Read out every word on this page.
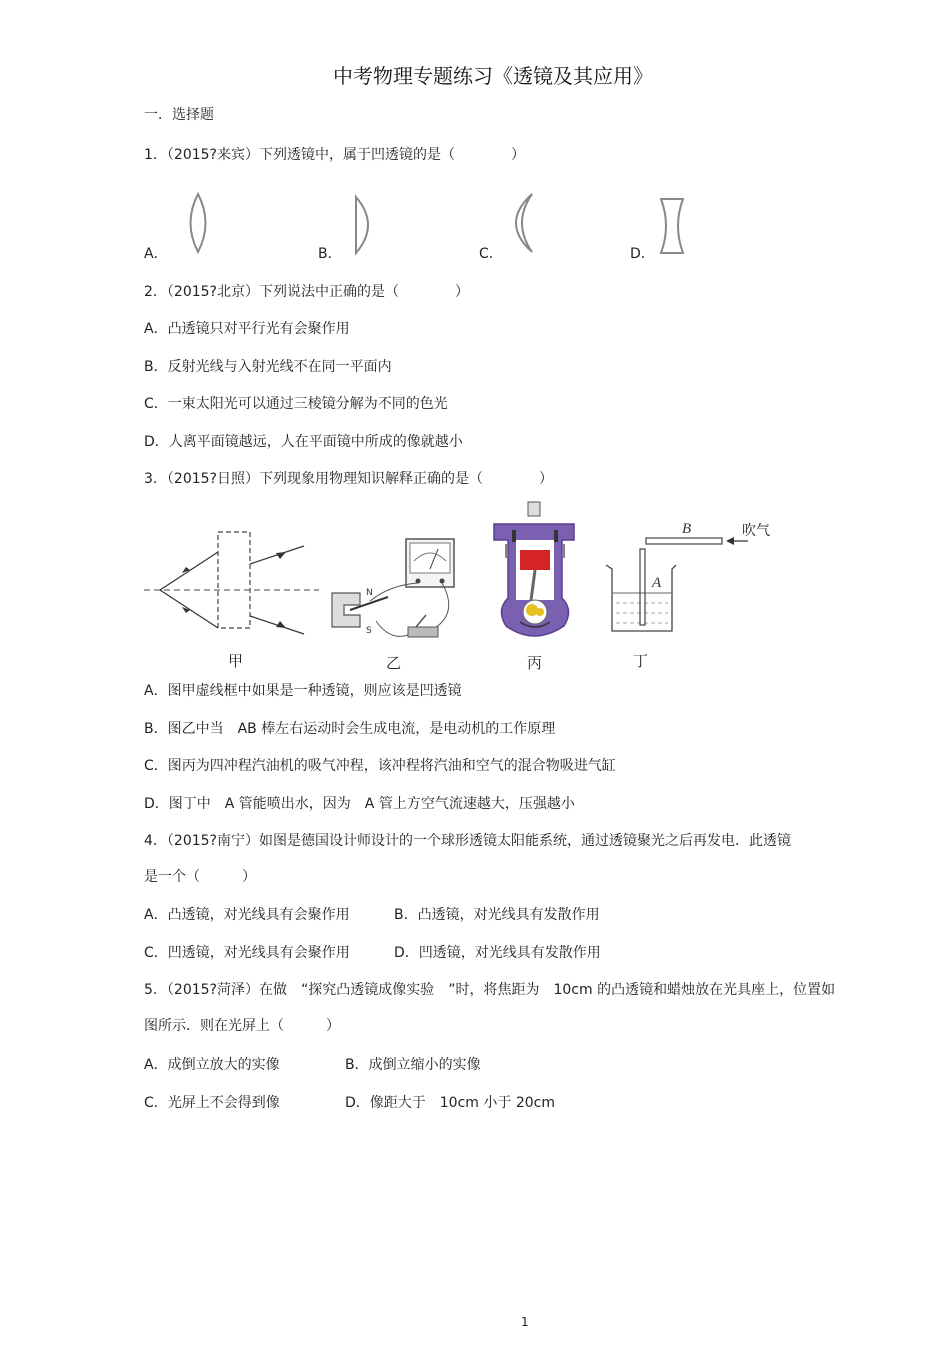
中考物理专题练习《透镜及其应用》
一．选择题
1．（2015?来宾）下列透镜中，属于凹透镜的是（　　　　）
A．	B．	C．	D．
2．（2015?北京）下列说法中正确的是（　　　　）
A．凸透镜只对平行光有会聚作用
B．反射光线与入射光线不在同一平面内
C．一束太阳光可以通过三棱镜分解为不同的色光
D．人离平面镜越远，人在平面镜中所成的像就越小
3．（2015?日照）下列现象用物理知识解释正确的是（　　　　）
甲
N
S
乙	丙
B	吹气
A
丁
A．图甲虚线框中如果是一种透镜，则应该是凹透镜
B．图乙中当　AB 棒左右运动时会生成电流，是电动机的工作原理
C．图丙为四冲程汽油机的吸气冲程，该冲程将汽油和空气的混合物吸进气缸
D．图丁中　A 管能喷出水，因为　A 管上方空气流速越大，压强越小
4．（2015?南宁）如图是德国设计师设计的一个球形透镜太阳能系统，通过透镜聚光之后再发电．此透镜
是一个（　　　）
A．凸透镜，对光线具有会聚作用	B．凸透镜，对光线具有发散作用
C．凹透镜，对光线具有会聚作用	D．凹透镜，对光线具有发散作用
5．（2015?菏泽）在做　“探究凸透镜成像实验　”时，将焦距为　10cm 的凸透镜和蜡烛放在光具座上，位置如
图所示．则在光屏上（　　　）
A．成倒立放大的实像	B．成倒立缩小的实像
C．光屏上不会得到像	D．像距大于　10cm 小于 20cm
1
